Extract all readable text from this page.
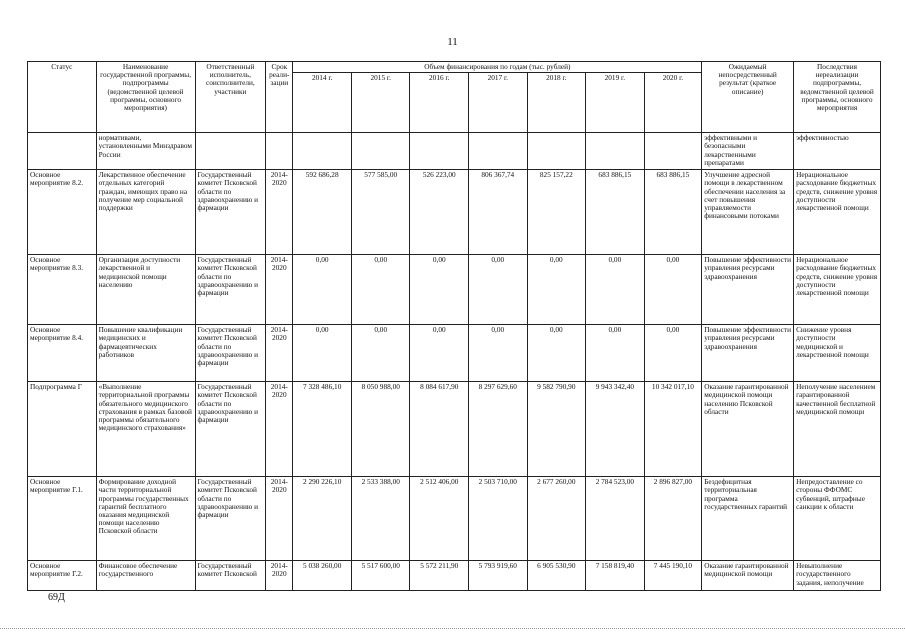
11
Статус	Наименование государственной программы, подпрограммы (ведомственной целевой программы, основного мероприятия)	Ответственный исполнитель, соисполнители, участники	Срок реали-зации	Объем финансирования по годам (тыс. рублей)							Ожидаемый непосредственный результат (краткое описание)	Последствия нереализации подпрограммы, ведомственной целевой программы, основного мероприятия
				2014 г.	2015 г.	2016 г.	2017 г.	2018 г.	2019 г.	2020 г.		
	нормативами, установленными Минздравом России										эффективными и безопасными лекарственными препаратами	эффективностью
Основное мероприятие 8.2.	Лекарственное обеспечение отдельных категорий граждан, имеющих право на получение мер социальной поддержки	Государственный комитет Псковской области по здравоохранению и фармации	2014-2020	592 686,28	577 585,00	526 223,00	806 367,74	825 157,22	683 886,15	683 886,15	Улучшение адресной помощи в лекарственном обеспечении населения за счет повышения управляемости финансовыми потоками	Нерациональное расходование бюджетных средств, снижение уровня доступности лекарственной помощи
Основное мероприятие 8.3.	Организация доступности лекарственной и медицинской помощи населению	Государственный комитет Псковской области по здравоохранению и фармации	2014-2020	0,00	0,00	0,00	0,00	0,00	0,00	0,00	Повышение эффективности управления ресурсами здравоохранения	Нерациональное расходование бюджетных средств, снижение уровня доступности лекарственной помощи
Основное мероприятие 8.4.	Повышение квалификации медицинских и фармацевтических работников	Государственный комитет Псковской области по здравоохранению и фармации	2014-2020	0,00	0,00	0,00	0,00	0,00	0,00	0,00	Повышение эффективности управления ресурсами здравоохранения	Снижение уровня доступности медицинской и лекарственной помощи
Подпрограмма Г	«Выполнение территориальной программы обязательного медицинского страхования в рамках базовой программы обязательного медицинского страхования»	Государственный комитет Псковской области по здравоохранению и фармации	2014-2020	7 328 486,10	8 050 988,00	8 084 617,90	8 297 629,60	9 582 790,90	9 943 342,40	10 342 017,10	Оказание гарантированной медицинской помощи населению Псковской области	Неполучение населением гарантированной качественной бесплатной медицинской помощи
Основное мероприятие Г.1.	Формирование доходной части территориальной программы государственных гарантий бесплатного оказания медицинской помощи населению Псковской области	Государственный комитет Псковской области по здравоохранению и фармации	2014-2020	2 290 226,10	2 533 388,00	2 512 406,00	2 503 710,00	2 677 260,00	2 784 523,00	2 896 827,00	Бездефицитная территориальная программа государственных гарантий	Непредоставление со стороны ФФОМС субвенций, штрафные санкции к области
Основное мероприятие Г.2.	Финансовое обеспечение государственного	Государственный комитет Псковской	2014-2020	5 038 260,00	5 517 600,00	5 572 211,90	5 793 919,60	6 905 530,90	7 158 819,40	7 445 190,10	Оказание гарантированной медицинской помощи	Невыполнение государственного задания, неполучение
69Д
